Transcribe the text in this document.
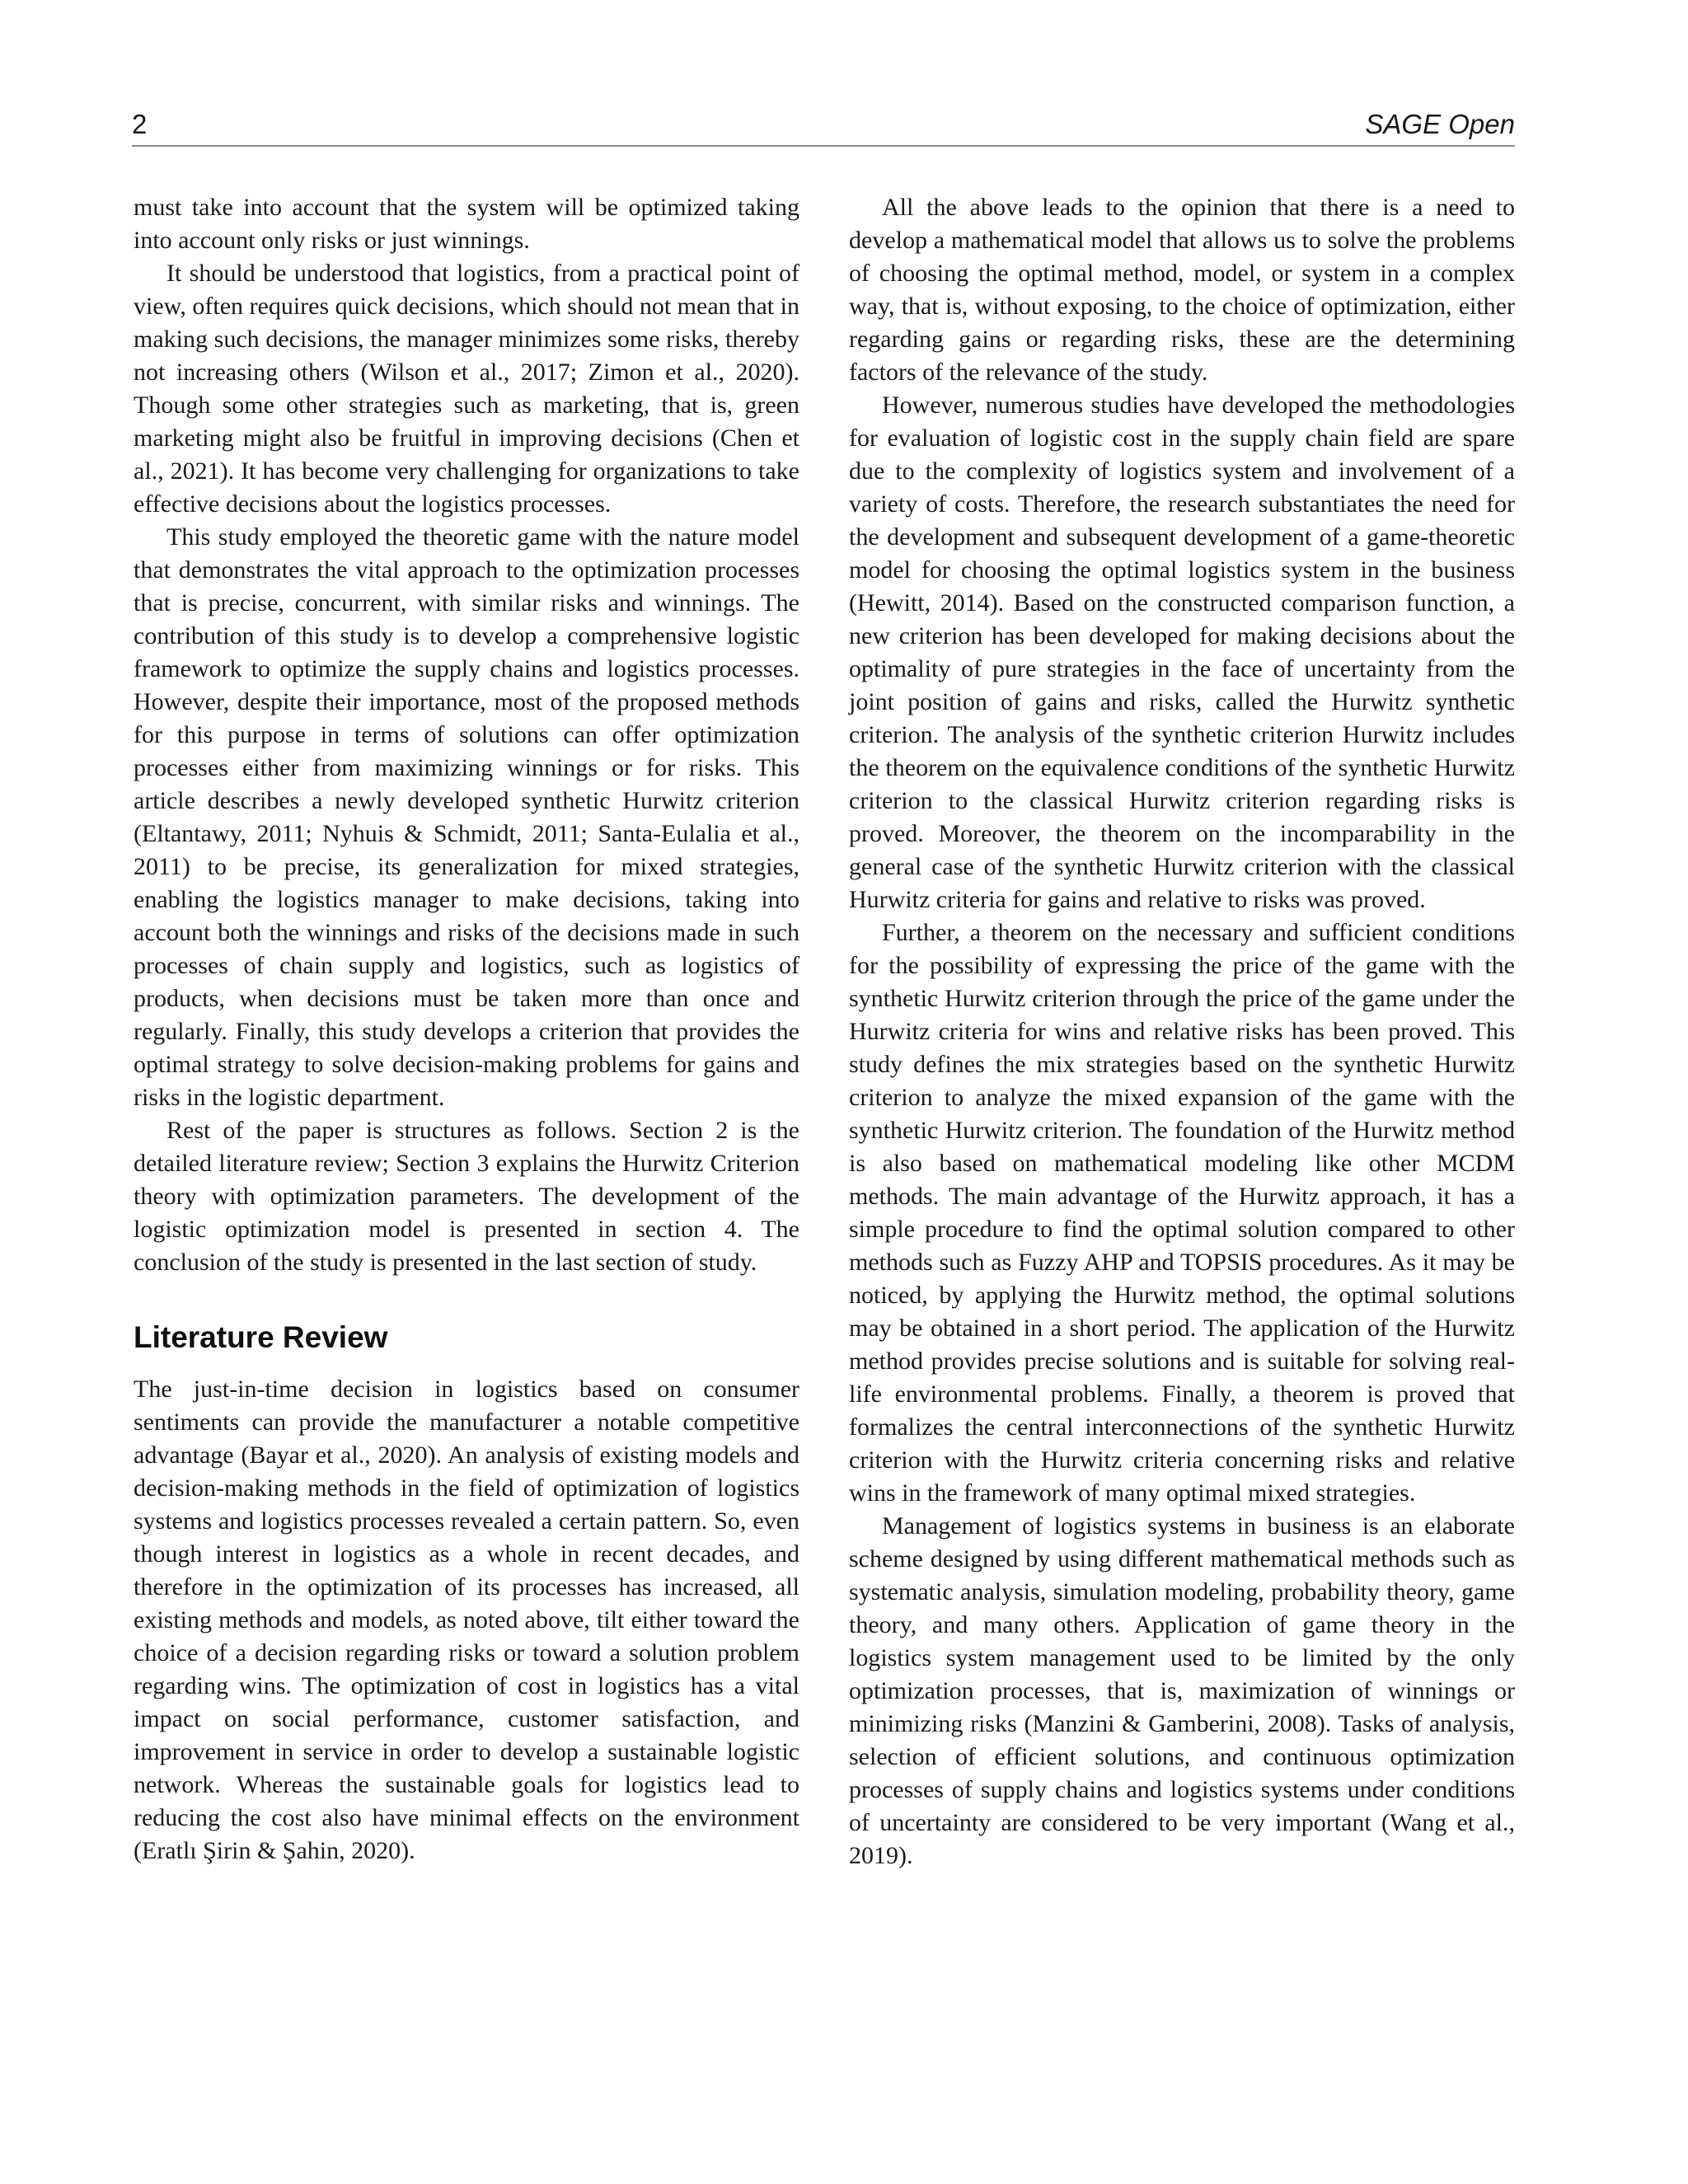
2	SAGE Open

must take into account that the system will be optimized taking into account only risks or just winnings.

It should be understood that logistics, from a practical point of view, often requires quick decisions, which should not mean that in making such decisions, the manager minimizes some risks, thereby not increasing others (Wilson et al., 2017; Zimon et al., 2020). Though some other strategies such as marketing, that is, green marketing might also be fruitful in improving decisions (Chen et al., 2021). It has become very challenging for organizations to take effective decisions about the logistics processes.

This study employed the theoretic game with the nature model that demonstrates the vital approach to the optimization processes that is precise, concurrent, with similar risks and winnings. The contribution of this study is to develop a comprehensive logistic framework to optimize the supply chains and logistics processes. However, despite their importance, most of the proposed methods for this purpose in terms of solutions can offer optimization processes either from maximizing winnings or for risks. This article describes a newly developed synthetic Hurwitz criterion (Eltantawy, 2011; Nyhuis & Schmidt, 2011; Santa-Eulalia et al., 2011) to be precise, its generalization for mixed strategies, enabling the logistics manager to make decisions, taking into account both the winnings and risks of the decisions made in such processes of chain supply and logistics, such as logistics of products, when decisions must be taken more than once and regularly. Finally, this study develops a criterion that provides the optimal strategy to solve decision-making problems for gains and risks in the logistic department.

Rest of the paper is structures as follows. Section 2 is the detailed literature review; Section 3 explains the Hurwitz Criterion theory with optimization parameters. The development of the logistic optimization model is presented in section 4. The conclusion of the study is presented in the last section of study.

Literature Review

The just-in-time decision in logistics based on consumer sentiments can provide the manufacturer a notable competitive advantage (Bayar et al., 2020). An analysis of existing models and decision-making methods in the field of optimization of logistics systems and logistics processes revealed a certain pattern. So, even though interest in logistics as a whole in recent decades, and therefore in the optimization of its processes has increased, all existing methods and models, as noted above, tilt either toward the choice of a decision regarding risks or toward a solution problem regarding wins. The optimization of cost in logistics has a vital impact on social performance, customer satisfaction, and improvement in service in order to develop a sustainable logistic network. Whereas the sustainable goals for logistics lead to reducing the cost also have minimal effects on the environment (Eratlı Şirin & Şahin, 2020).

All the above leads to the opinion that there is a need to develop a mathematical model that allows us to solve the problems of choosing the optimal method, model, or system in a complex way, that is, without exposing, to the choice of optimization, either regarding gains or regarding risks, these are the determining factors of the relevance of the study.

However, numerous studies have developed the methodologies for evaluation of logistic cost in the supply chain field are spare due to the complexity of logistics system and involvement of a variety of costs. Therefore, the research substantiates the need for the development and subsequent development of a game-theoretic model for choosing the optimal logistics system in the business (Hewitt, 2014). Based on the constructed comparison function, a new criterion has been developed for making decisions about the optimality of pure strategies in the face of uncertainty from the joint position of gains and risks, called the Hurwitz synthetic criterion. The analysis of the synthetic criterion Hurwitz includes the theorem on the equivalence conditions of the synthetic Hurwitz criterion to the classical Hurwitz criterion regarding risks is proved. Moreover, the theorem on the incomparability in the general case of the synthetic Hurwitz criterion with the classical Hurwitz criteria for gains and relative to risks was proved.

Further, a theorem on the necessary and sufficient conditions for the possibility of expressing the price of the game with the synthetic Hurwitz criterion through the price of the game under the Hurwitz criteria for wins and relative risks has been proved. This study defines the mix strategies based on the synthetic Hurwitz criterion to analyze the mixed expansion of the game with the synthetic Hurwitz criterion. The foundation of the Hurwitz method is also based on mathematical modeling like other MCDM methods. The main advantage of the Hurwitz approach, it has a simple procedure to find the optimal solution compared to other methods such as Fuzzy AHP and TOPSIS procedures. As it may be noticed, by applying the Hurwitz method, the optimal solutions may be obtained in a short period. The application of the Hurwitz method provides precise solutions and is suitable for solving real-life environmental problems. Finally, a theorem is proved that formalizes the central interconnections of the synthetic Hurwitz criterion with the Hurwitz criteria concerning risks and relative wins in the framework of many optimal mixed strategies.

Management of logistics systems in business is an elaborate scheme designed by using different mathematical methods such as systematic analysis, simulation modeling, probability theory, game theory, and many others. Application of game theory in the logistics system management used to be limited by the only optimization processes, that is, maximization of winnings or minimizing risks (Manzini & Gamberini, 2008). Tasks of analysis, selection of efficient solutions, and continuous optimization processes of supply chains and logistics systems under conditions of uncertainty are considered to be very important (Wang et al., 2019).
